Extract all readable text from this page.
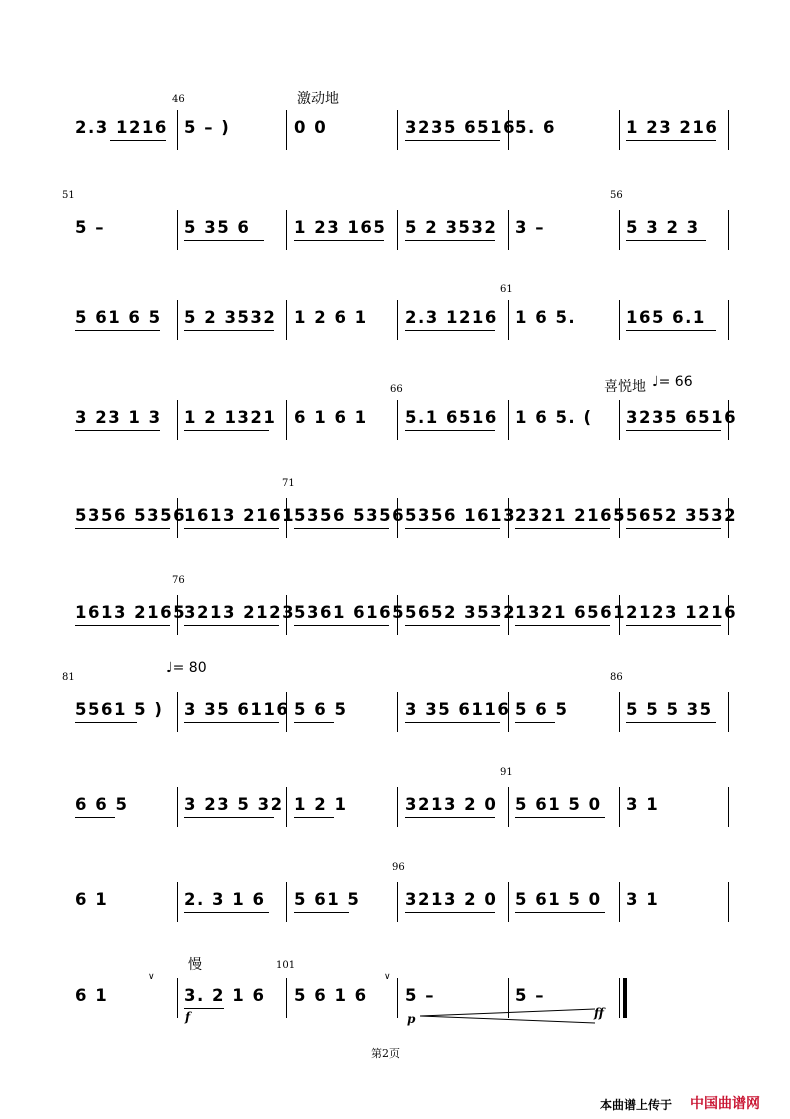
46	激动地
2.3 1216 5 – )	0 0	3235 6516
5. 6	1 23 216
51	56
5 –	5 35 6	1 23 165 5 2 3532 3 –	5 3 2 3
61
5 61 6 5 5 2 3532 1 2 6 1 2.3 1216 1 6 5.	165 6.1
66	喜悦地 ♩= 66
3 23 1 3 1 2 1321 6 1 6 1 5.1 6516 1 6 5. ( 3235 6516
71
5356 5356
1613 2161
5356 5356 5356 1613
2321 2165 5652 3532
76
1613 2165
3213 2123
5361 6165 5652 3532
1321 6561 2123 1216
81	86
♩= 80
5561 5 ) 3 35 6116 5 6 5	3 35 6116 5 6 5	5 5 5 35
91
6 6 5	3 23 5 32 1 2 1	3213 2 0 5 61 5 0 3 1
96
6 1	2. 3 1 6 5 61 5	3213 2 0 5 61 5 0 3 1
101
慢
6 1
∨
3. 2 1 6 5 6 1 6
∨
5 –	5 –
f	p	ff
第2页
本曲谱上传于 中国曲谱网
